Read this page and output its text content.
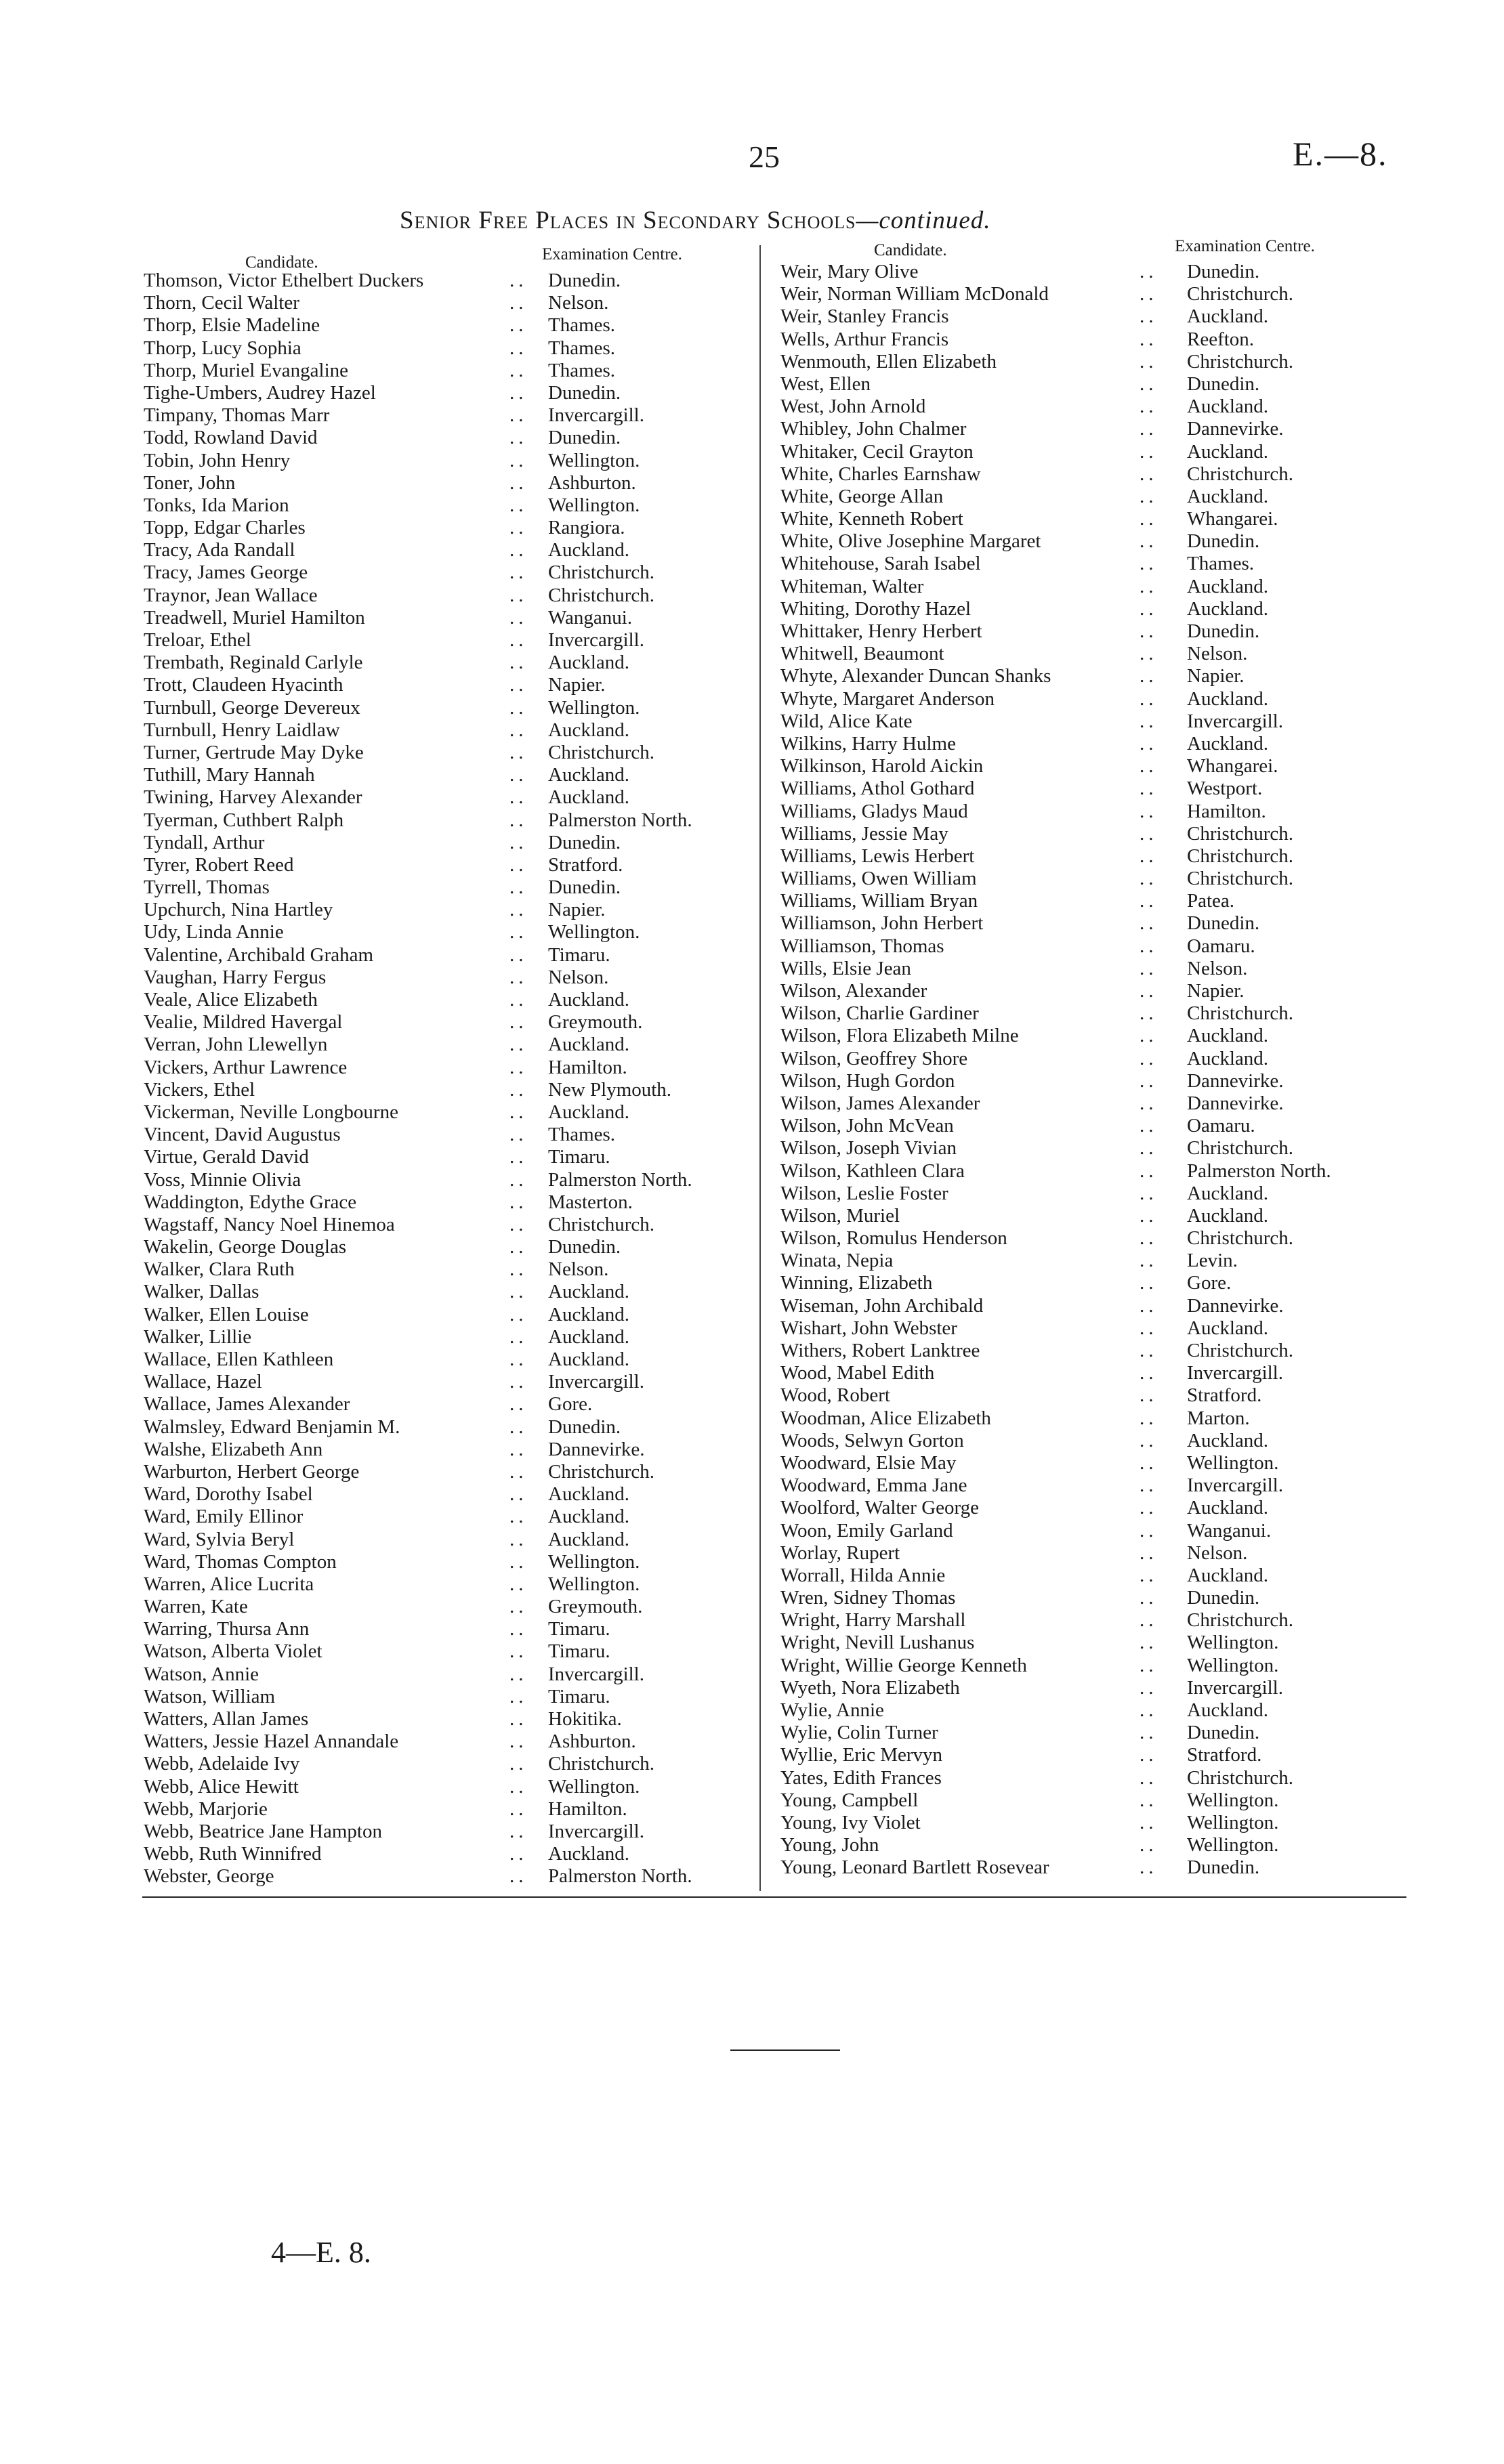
25	E.—8.
Senior Free Places in Secondary Schools—continued.
Candidate.	Examination Centre.	Candidate.	Examination Centre.
Thomson, Victor Ethelbert Duckers	.. Dunedin.
Thorn, Cecil Walter	.. Nelson.
Thorp, Elsie Madeline	.. Thames.
Thorp, Lucy Sophia	.. Thames.
Thorp, Muriel Evangaline	.. Thames.
Tighe-Umbers, Audrey Hazel	.. Dunedin.
Timpany, Thomas Marr	.. Invercargill.
Todd, Rowland David	.. Dunedin.
Tobin, John Henry	.. Wellington.
Toner, John	.. Ashburton.
Tonks, Ida Marion	.. Wellington.
Topp, Edgar Charles	.. Rangiora.
Tracy, Ada Randall	.. Auckland.
Tracy, James George	.. Christchurch.
Traynor, Jean Wallace	.. Christchurch.
Treadwell, Muriel Hamilton	.. Wanganui.
Treloar, Ethel	.. Invercargill.
Trembath, Reginald Carlyle	.. Auckland.
Trott, Claudeen Hyacinth	.. Napier.
Turnbull, George Devereux	.. Wellington.
Turnbull, Henry Laidlaw	.. Auckland.
Turner, Gertrude May Dyke	.. Christchurch.
Tuthill, Mary Hannah	.. Auckland.
Twining, Harvey Alexander	.. Auckland.
Tyerman, Cuthbert Ralph	.. Palmerston North.
Tyndall, Arthur	.. Dunedin.
Tyrer, Robert Reed	.. Stratford.
Tyrrell, Thomas	.. Dunedin.
Upchurch, Nina Hartley	.. Napier.
Udy, Linda Annie	.. Wellington.
Valentine, Archibald Graham	.. Timaru.
Vaughan, Harry Fergus	.. Nelson.
Veale, Alice Elizabeth	.. Auckland.
Vealie, Mildred Havergal	.. Greymouth.
Verran, John Llewellyn	.. Auckland.
Vickers, Arthur Lawrence	.. Hamilton.
Vickers, Ethel	.. New Plymouth.
Vickerman, Neville Longbourne	.. Auckland.
Vincent, David Augustus	.. Thames.
Virtue, Gerald David	.. Timaru.
Voss, Minnie Olivia	.. Palmerston North.
Waddington, Edythe Grace	.. Masterton.
Wagstaff, Nancy Noel Hinemoa	.. Christchurch.
Wakelin, George Douglas	.. Dunedin.
Walker, Clara Ruth	.. Nelson.
Walker, Dallas	.. Auckland.
Walker, Ellen Louise	.. Auckland.
Walker, Lillie	.. Auckland.
Wallace, Ellen Kathleen	.. Auckland.
Wallace, Hazel	.. Invercargill.
Wallace, James Alexander	.. Gore.
Walmsley, Edward Benjamin M.	.. Dunedin.
Walshe, Elizabeth Ann	.. Dannevirke.
Warburton, Herbert George	.. Christchurch.
Ward, Dorothy Isabel	.. Auckland.
Ward, Emily Ellinor	.. Auckland.
Ward, Sylvia Beryl	.. Auckland.
Ward, Thomas Compton	.. Wellington.
Warren, Alice Lucrita	.. Wellington.
Warren, Kate	.. Greymouth.
Warring, Thursa Ann	.. Timaru.
Watson, Alberta Violet	.. Timaru.
Watson, Annie	.. Invercargill.
Watson, William	.. Timaru.
Watters, Allan James	.. Hokitika.
Watters, Jessie Hazel Annandale	.. Ashburton.
Webb, Adelaide Ivy	.. Christchurch.
Webb, Alice Hewitt	.. Wellington.
Webb, Marjorie	.. Hamilton.
Webb, Beatrice Jane Hampton	.. Invercargill.
Webb, Ruth Winnifred	.. Auckland.
Webster, George	.. Palmerston North.
Weir, Mary Olive	.. Dunedin.
Weir, Norman William McDonald	.. Christchurch.
Weir, Stanley Francis	.. Auckland.
Wells, Arthur Francis	.. Reefton.
Wenmouth, Ellen Elizabeth	.. Christchurch.
West, Ellen	.. Dunedin.
West, John Arnold	.. Auckland.
Whibley, John Chalmer	.. Dannevirke.
Whitaker, Cecil Grayton	.. Auckland.
White, Charles Earnshaw	.. Christchurch.
White, George Allan	.. Auckland.
White, Kenneth Robert	.. Whangarei.
White, Olive Josephine Margaret	.. Dunedin.
Whitehouse, Sarah Isabel	.. Thames.
Whiteman, Walter	.. Auckland.
Whiting, Dorothy Hazel	.. Auckland.
Whittaker, Henry Herbert	.. Dunedin.
Whitwell, Beaumont	.. Nelson.
Whyte, Alexander Duncan Shanks	.. Napier.
Whyte, Margaret Anderson	.. Auckland.
Wild, Alice Kate	.. Invercargill.
Wilkins, Harry Hulme	.. Auckland.
Wilkinson, Harold Aickin	.. Whangarei.
Williams, Athol Gothard	.. Westport.
Williams, Gladys Maud	.. Hamilton.
Williams, Jessie May	.. Christchurch.
Williams, Lewis Herbert	.. Christchurch.
Williams, Owen William	.. Christchurch.
Williams, William Bryan	.. Patea.
Williamson, John Herbert	.. Dunedin.
Williamson, Thomas	.. Oamaru.
Wills, Elsie Jean	.. Nelson.
Wilson, Alexander	.. Napier.
Wilson, Charlie Gardiner	.. Christchurch.
Wilson, Flora Elizabeth Milne	.. Auckland.
Wilson, Geoffrey Shore	.. Auckland.
Wilson, Hugh Gordon	.. Dannevirke.
Wilson, James Alexander	.. Dannevirke.
Wilson, John McVean	.. Oamaru.
Wilson, Joseph Vivian	.. Christchurch.
Wilson, Kathleen Clara	.. Palmerston North.
Wilson, Leslie Foster	.. Auckland.
Wilson, Muriel	.. Auckland.
Wilson, Romulus Henderson	.. Christchurch.
Winata, Nepia	.. Levin.
Winning, Elizabeth	.. Gore.
Wiseman, John Archibald	.. Dannevirke.
Wishart, John Webster	.. Auckland.
Withers, Robert Lanktree	.. Christchurch.
Wood, Mabel Edith	.. Invercargill.
Wood, Robert	.. Stratford.
Woodman, Alice Elizabeth	.. Marton.
Woods, Selwyn Gorton	.. Auckland.
Woodward, Elsie May	.. Wellington.
Woodward, Emma Jane	.. Invercargill.
Woolford, Walter George	.. Auckland.
Woon, Emily Garland	.. Wanganui.
Worlay, Rupert	.. Nelson.
Worrall, Hilda Annie	.. Auckland.
Wren, Sidney Thomas	.. Dunedin.
Wright, Harry Marshall	.. Christchurch.
Wright, Nevill Lushanus	.. Wellington.
Wright, Willie George Kenneth	.. Wellington.
Wyeth, Nora Elizabeth	.. Invercargill.
Wylie, Annie	.. Auckland.
Wylie, Colin Turner	.. Dunedin.
Wyllie, Eric Mervyn	.. Stratford.
Yates, Edith Frances	.. Christchurch.
Young, Campbell	.. Wellington.
Young, Ivy Violet	.. Wellington.
Young, John	.. Wellington.
Young, Leonard Bartlett Rosevear	.. Dunedin.
4—E. 8.
